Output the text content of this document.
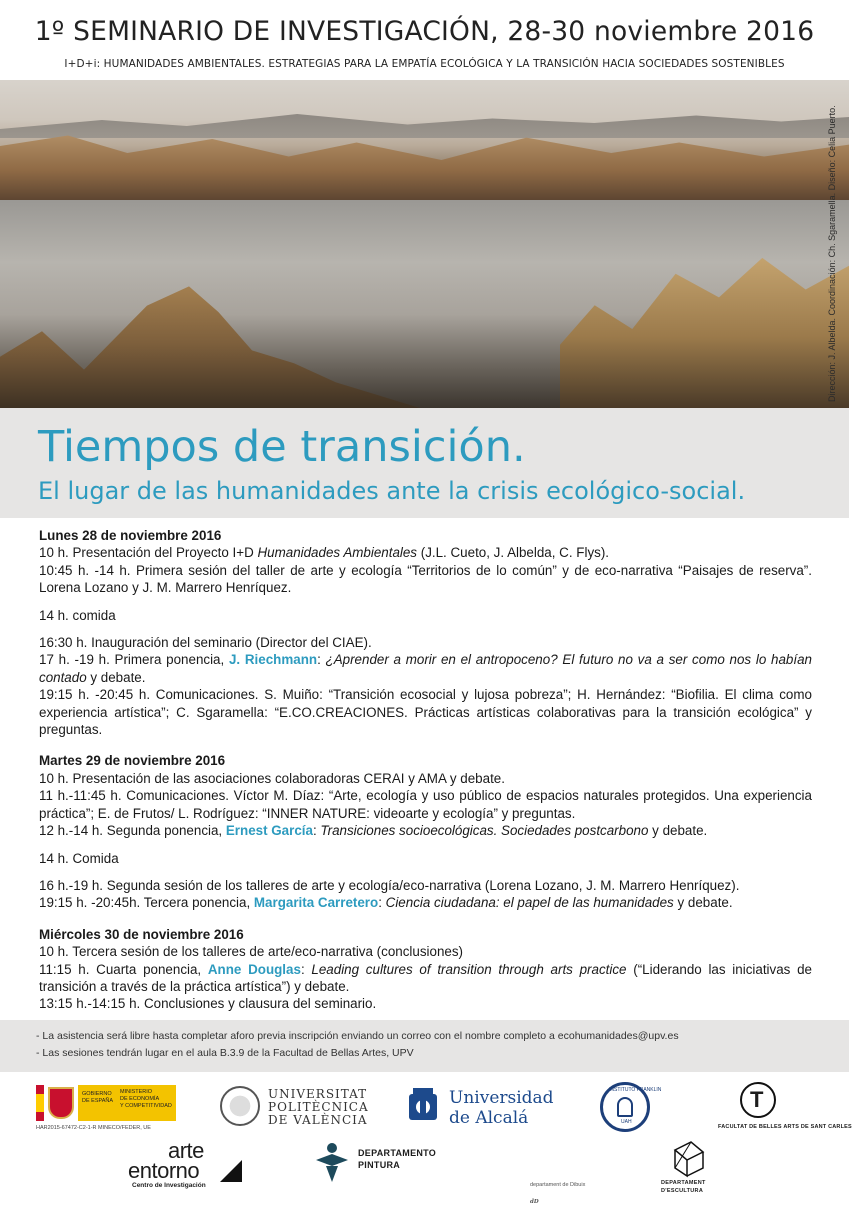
1º SEMINARIO DE INVESTIGACIÓN, 28-30 noviembre 2016
I+D+i: HUMANIDADES AMBIENTALES. ESTRATEGIAS PARA LA EMPATÍA ECOLÓGICA Y LA TRANSICIÓN HACIA SOCIEDADES SOSTENIBLES
Dirección: J. Albelda. Coordinación: Ch. Sgaramella. Diseño: Celia Puerto.
Tiempos de transición.
El lugar de las humanidades ante la crisis ecológico-social.
Lunes 28 de noviembre 2016
10 h. Presentación del Proyecto I+D Humanidades Ambientales (J.L. Cueto, J. Albelda, C. Flys).
10:45 h. -14 h. Primera sesión del taller de arte y ecología “Territorios de lo común” y de eco-narrativa “Paisajes de reserva”. Lorena Lozano y J. M. Marrero Henríquez.
14 h. comida
16:30 h. Inauguración del seminario (Director del CIAE).
17 h. -19 h. Primera ponencia, J. Riechmann: ¿Aprender a morir en el antropoceno? El futuro no va a ser como nos lo habían contado y debate.
19:15 h. -20:45 h. Comunicaciones. S. Muiño: “Transición ecosocial y lujosa pobreza”; H. Hernández: “Biofilia. El clima como experiencia artística”; C. Sgaramella: “E.CO.CREACIONES. Prácticas artísticas colaborativas para la transición ecológica” y preguntas.
Martes 29 de noviembre 2016
10 h. Presentación de las asociaciones colaboradoras CERAI y AMA y debate.
11 h.-11:45 h. Comunicaciones. Víctor M. Díaz: “Arte, ecología y uso público de espacios naturales protegidos. Una experiencia práctica”; E. de Frutos/ L. Rodríguez: “INNER NATURE: videoarte y ecología” y preguntas.
12 h.-14 h. Segunda ponencia, Ernest García: Transiciones socioecológicas. Sociedades postcarbono y debate.
14 h. Comida
16 h.-19 h. Segunda sesión de los talleres de arte y ecología/eco-narrativa (Lorena Lozano, J. M. Marrero Henríquez).
19:15 h. -20:45h. Tercera ponencia, Margarita Carretero: Ciencia ciudadana: el papel de las humanidades y debate.
Miércoles 30 de noviembre 2016
10 h. Tercera sesión de los talleres de arte/eco-narrativa (conclusiones)
11:15 h. Cuarta ponencia, Anne Douglas: Leading cultures of transition through arts practice (“Liderando las iniciativas de transición a través de la práctica artística”) y debate.
13:15 h.-14:15 h. Conclusiones y clausura del seminario.
- La asistencia será libre hasta completar aforo previa inscripción enviando un correo con el nombre completo a ecohumanidades@upv.es
- Las sesiones tendrán lugar en el aula B.3.9 de la Facultad de Bellas Artes, UPV
GOBIERNO
DE ESPAÑA
MINISTERIO
DE ECONOMÍA
Y COMPETITIVIDAD
HAR2015-67472-C2-1-R MINECO/FEDER, UE
UNIVERSITAT
POLITÈCNICA
DE VALÈNCIA
Universidad
de Alcalá
INSTITUTO FRANKLIN
UAH
T
FACULTAT DE BELLES ARTS DE SANT CARLES
arte
entorno
Centro de Investigación
DEPARTAMENTO
PINTURA
dD
departament de Dibuix	DEPARTAMENT
D'ESCULTURA
